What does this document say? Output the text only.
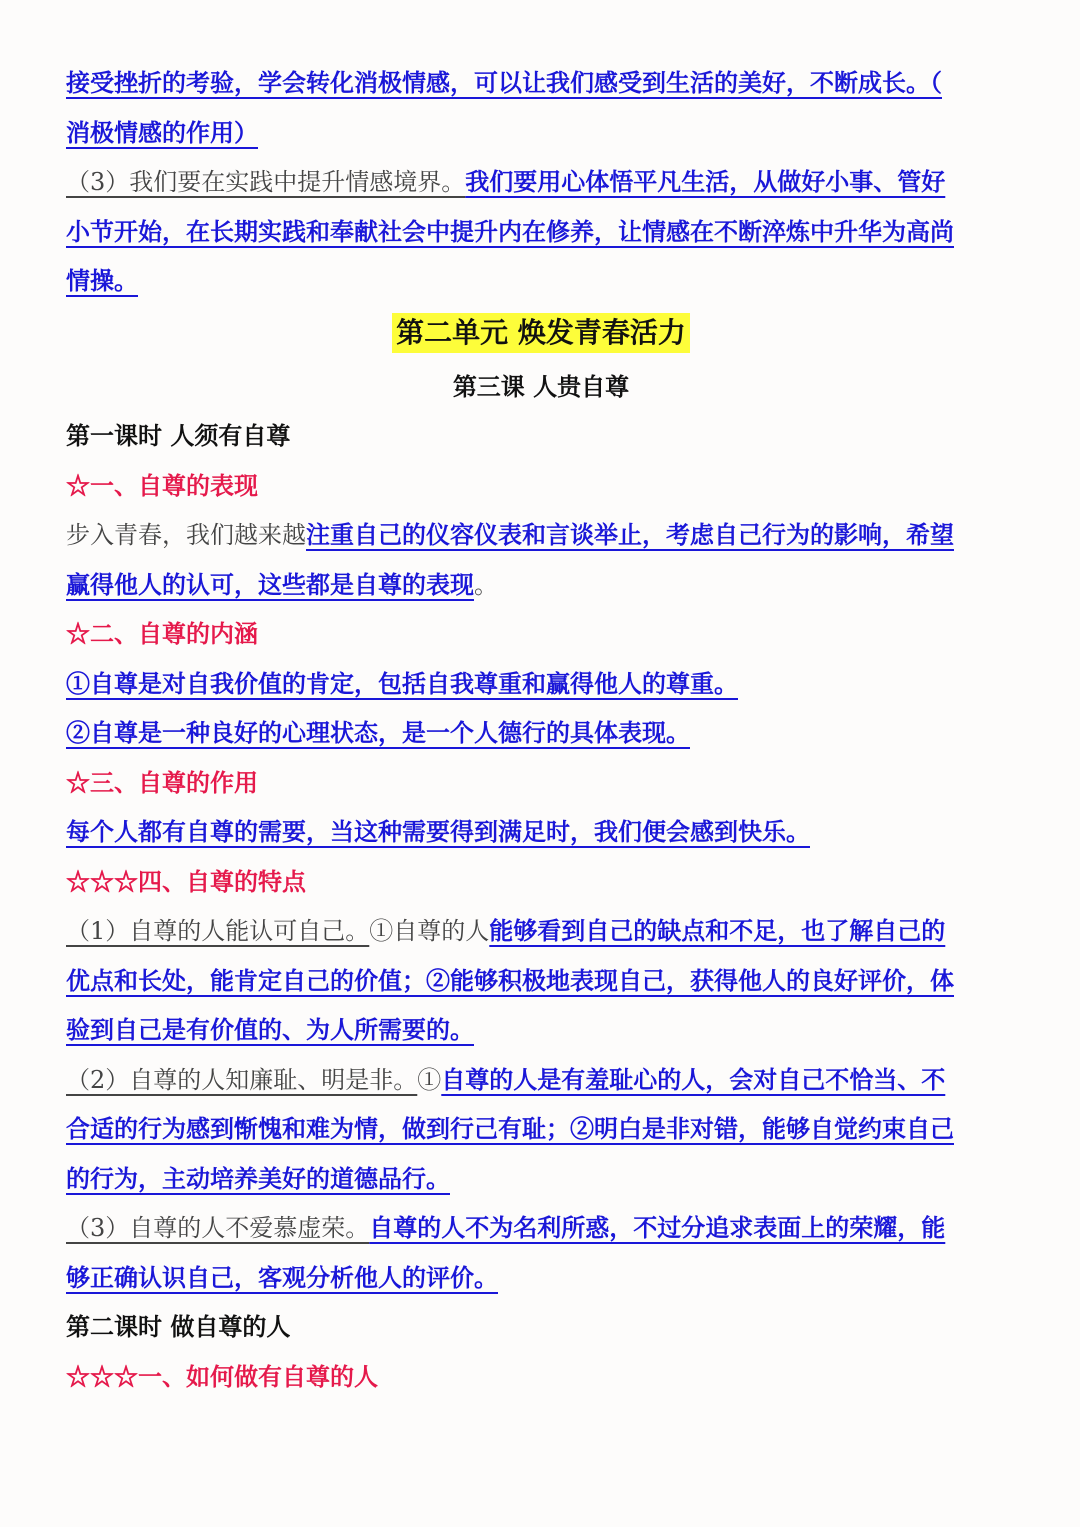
接受挫折的考验，学会转化消极情感，可以让我们感受到生活的美好，不断成长。（
消极情感的作用）
（3）我们要在实践中提升情感境界。我们要用心体悟平凡生活，从做好小事、管好
小节开始，在长期实践和奉献社会中提升内在修养，让情感在不断淬炼中升华为高尚
情操。
第二单元 焕发青春活力
第三课 人贵自尊
第一课时 人须有自尊
☆一、自尊的表现
步入青春，我们越来越注重自己的仪容仪表和言谈举止，考虑自己行为的影响，希望
赢得他人的认可，这些都是自尊的表现。
☆二、自尊的内涵
①自尊是对自我价值的肯定，包括自我尊重和赢得他人的尊重。
②自尊是一种良好的心理状态，是一个人德行的具体表现。
☆三、自尊的作用
每个人都有自尊的需要，当这种需要得到满足时，我们便会感到快乐。
☆☆☆四、自尊的特点
（1）自尊的人能认可自己。①自尊的人能够看到自己的缺点和不足，也了解自己的
优点和长处，能肯定自己的价值；②能够积极地表现自己，获得他人的良好评价，体
验到自己是有价值的、为人所需要的。
（2）自尊的人知廉耻、明是非。①自尊的人是有羞耻心的人，会对自己不恰当、不
合适的行为感到惭愧和难为情，做到行己有耻；②明白是非对错，能够自觉约束自己
的行为，主动培养美好的道德品行。
（3）自尊的人不爱慕虚荣。自尊的人不为名利所惑，不过分追求表面上的荣耀，能
够正确认识自己，客观分析他人的评价。
第二课时 做自尊的人
☆☆☆一、如何做有自尊的人
